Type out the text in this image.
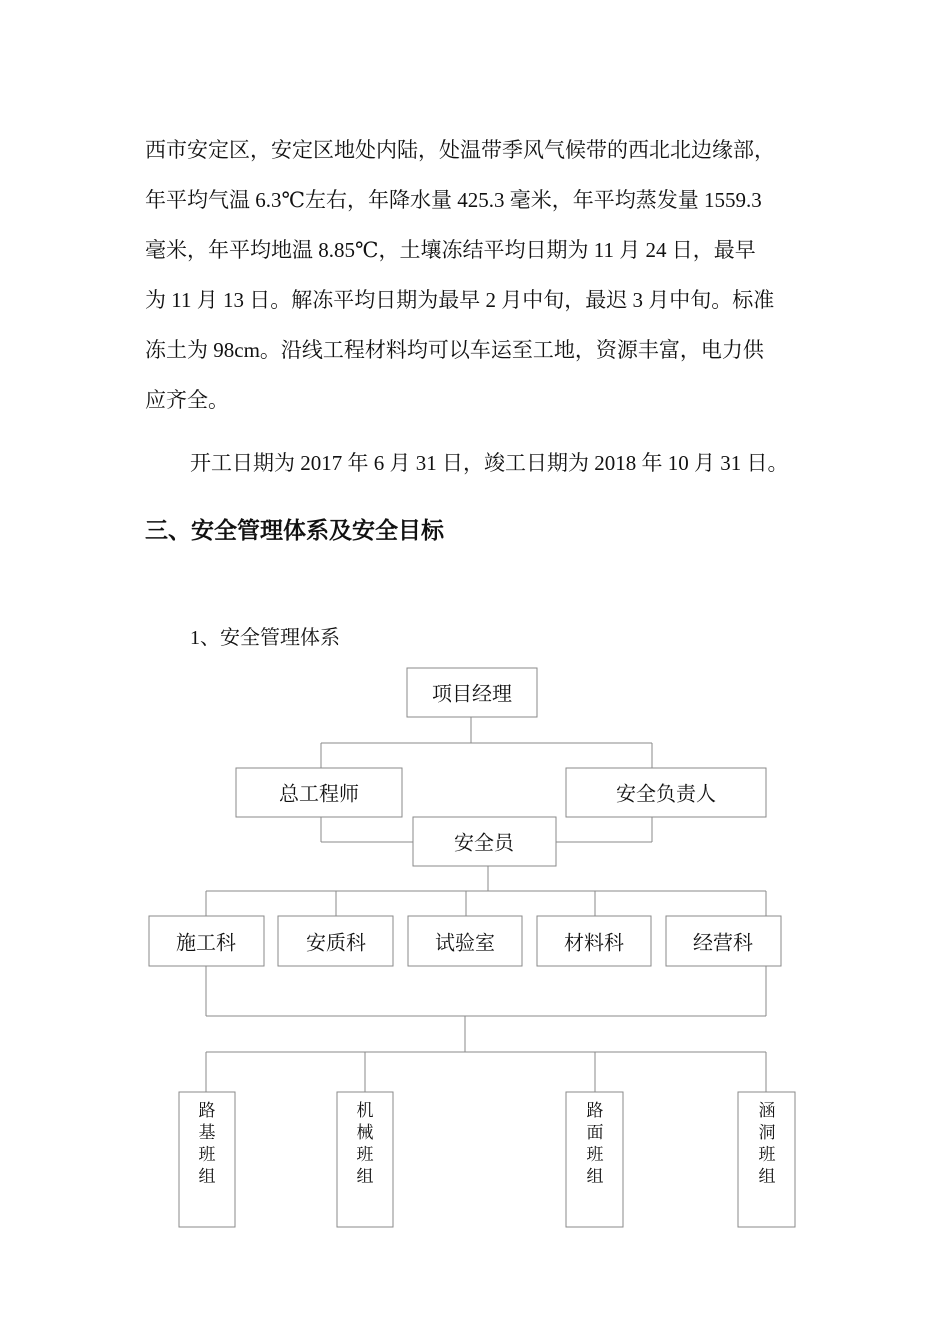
西市安定区，安定区地处内陆，处温带季风气候带的西北北边缘部，
年平均气温 6.3℃左右，年降水量 425.3 毫米，年平均蒸发量 1559.3
毫米，年平均地温 8.85℃，土壤冻结平均日期为 11 月 24 日，最早
为 11 月 13 日。解冻平均日期为最早 2 月中旬，最迟 3 月中旬。标准
冻土为 98cm。沿线工程材料均可以车运至工地，资源丰富，电力供
应齐全。
开工日期为 2017 年 6 月 31 日，竣工日期为 2018 年 10 月 31 日。
三、安全管理体系及安全目标
1、安全管理体系
项目经理
总工程师	安全负责人
安全员
施工科	安质科	试验室	材料科	经营科
路基班组
机械班组
路面班组
涵洞班组
